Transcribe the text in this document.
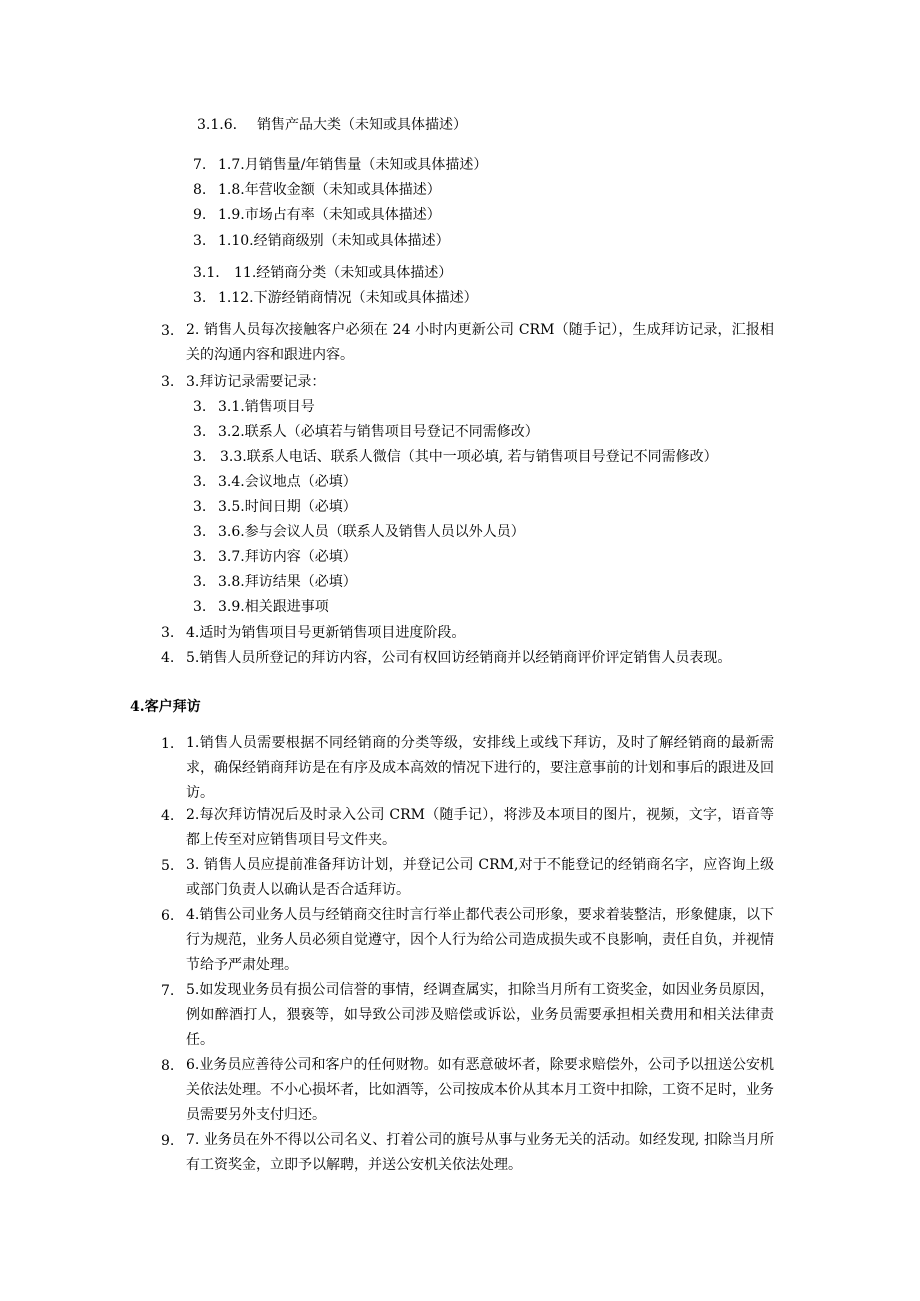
3.1.6. 销售产品大类（未知或具体描述）
7. 1.7.月销售量/年销售量（未知或具体描述）
8. 1.8.年营收金额（未知或具体描述）
9. 1.9.市场占有率（未知或具体描述）
3. 1.10.经销商级别（未知或具体描述）
3.1. 11.经销商分类（未知或具体描述）
3. 1.12.下游经销商情况（未知或具体描述）
3. 2. 销售人员每次接触客户必须在 24 小时内更新公司 CRM（随手记），生成拜访记录，汇报相关的沟通内容和跟进内容。
3. 3.拜访记录需要记录：
3. 3.1.销售项目号
3. 3.2.联系人（必填若与销售项目号登记不同需修改）
3. 3.3.联系人电话、联系人微信（其中一项必填, 若与销售项目号登记不同需修改）
3. 3.4.会议地点（必填）
3. 3.5.时间日期（必填）
3. 3.6.参与会议人员（联系人及销售人员以外人员）
3. 3.7.拜访内容（必填）
3. 3.8.拜访结果（必填）
3. 3.9.相关跟进事项
3. 4.适时为销售项目号更新销售项目进度阶段。
4. 5.销售人员所登记的拜访内容，公司有权回访经销商并以经销商评价评定销售人员表现。
4.客户拜访
1. 1.销售人员需要根据不同经销商的分类等级，安排线上或线下拜访，及时了解经销商的最新需求，确保经销商拜访是在有序及成本高效的情况下进行的，要注意事前的计划和事后的跟进及回访。
4. 2.每次拜访情况后及时录入公司 CRM（随手记），将涉及本项目的图片，视频，文字，语音等都上传至对应销售项目号文件夹。
5. 3. 销售人员应提前准备拜访计划，并登记公司 CRM,对于不能登记的经销商名字，应咨询上级或部门负责人以确认是否合适拜访。
6. 4.销售公司业务人员与经销商交往时言行举止都代表公司形象，要求着装整洁，形象健康，以下行为规范，业务人员必须自觉遵守，因个人行为给公司造成损失或不良影响，责任自负，并视情节给予严肃处理。
7. 5.如发现业务员有损公司信誉的事情，经调查属实，扣除当月所有工资奖金，如因业务员原因，例如醉酒打人，猥亵等，如导致公司涉及赔偿或诉讼，业务员需要承担相关费用和相关法律责任。
8. 6.业务员应善待公司和客户的任何财物。如有恶意破坏者，除要求赔偿外，公司予以扭送公安机关依法处理。不小心损坏者，比如酒等，公司按成本价从其本月工资中扣除，工资不足时，业务员需要另外支付归还。
9. 7. 业务员在外不得以公司名义、打着公司的旗号从事与业务无关的活动。如经发现, 扣除当月所有工资奖金，立即予以解聘，并送公安机关依法处理。
